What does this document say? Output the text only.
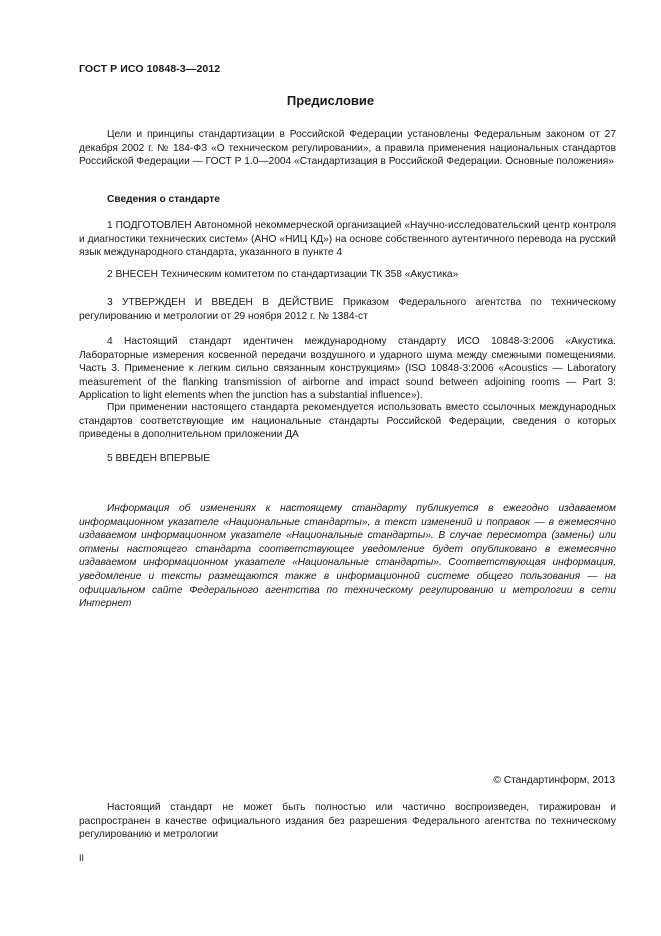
ГОСТ Р ИСО 10848-3—2012
Предисловие

Цели и принципы стандартизации в Российской Федерации установлены Федеральным законом от 27 декабря 2002 г. № 184-ФЗ «О техническом регулировании», а правила применения национальных стандартов Российской Федерации — ГОСТ Р 1.0—2004 «Стандартизация в Российской Федерации. Основные положения»

Сведения о стандарте

1 ПОДГОТОВЛЕН Автономной некоммерческой организацией «Научно-исследовательский центр контроля и диагностики технических систем» (АНО «НИЦ КД») на основе собственного аутентичного перевода на русский язык международного стандарта, указанного в пункте 4

2 ВНЕСЕН Техническим комитетом по стандартизации ТК 358 «Акустика»

3 УТВЕРЖДЕН И ВВЕДЕН В ДЕЙСТВИЕ Приказом Федерального агентства по техническому регулированию и метрологии от 29 ноября 2012 г. № 1384-ст

4 Настоящий стандарт идентичен международному стандарту ИСО 10848-3:2006 «Акустика. Лабораторные измерения косвенной передачи воздушного и ударного шума между смежными помещениями. Часть 3. Применение к легким сильно связанным конструкциям» (ISO 10848-3:2006 «Acoustics — Laboratory measurement of the flanking transmission of airborne and impact sound between adjoining rooms — Part 3: Application to light elements when the junction has a substantial influence»).

При применении настоящего стандарта рекомендуется использовать вместо ссылочных международных стандартов соответствующие им национальные стандарты Российской Федерации, сведения о которых приведены в дополнительном приложении ДА

5 ВВЕДЕН ВПЕРВЫЕ

Информация об изменениях к настоящему стандарту публикуется в ежегодно издаваемом информационном указателе «Национальные стандарты», а текст изменений и поправок — в ежемесячно издаваемом информационном указателе «Национальные стандарты». В случае пересмотра (замены) или отмены настоящего стандарта соответствующее уведомление будет опубликовано в ежемесячно издаваемом информационном указателе «Национальные стандарты». Соответствующая информация, уведомление и тексты размещаются также в информационной системе общего пользования — на официальном сайте Федерального агентства по техническому регулированию и метрологии в сети Интернет

© Стандартинформ, 2013

Настоящий стандарт не может быть полностью или частично воспроизведен, тиражирован и распространен в качестве официального издания без разрешения Федерального агентства по техническому регулированию и метрологии

II
